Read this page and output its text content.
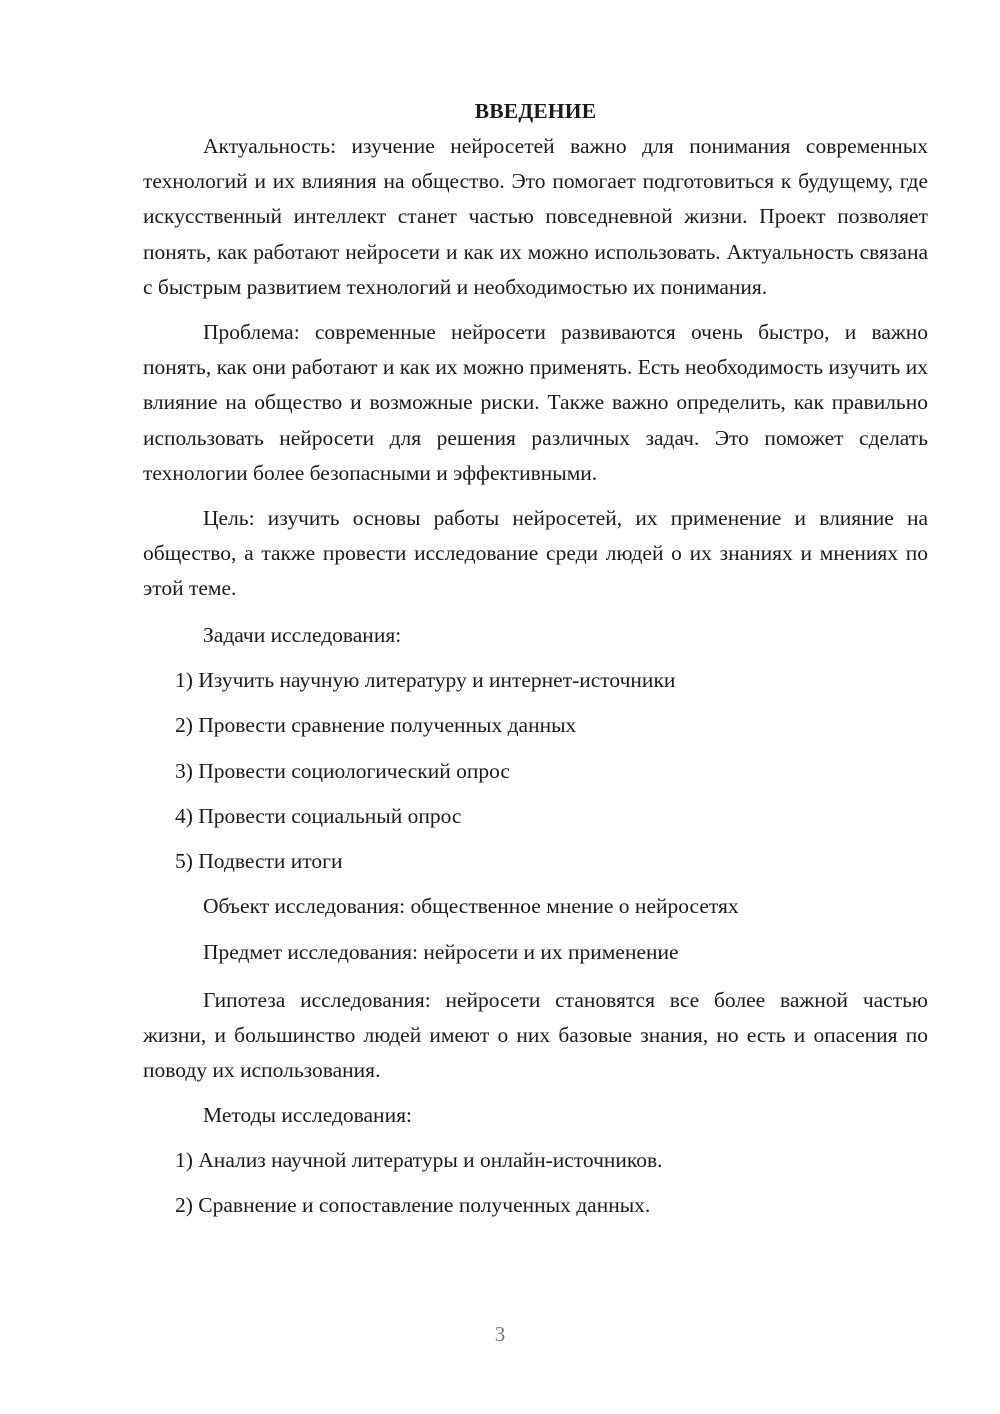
ВВЕДЕНИЕ

Актуальность: изучение нейросетей важно для понимания современных технологий и их влияния на общество. Это помогает подготовиться к будущему, где искусственный интеллект станет частью повседневной жизни. Проект позволяет понять, как работают нейросети и как их можно использовать. Актуальность связана с быстрым развитием технологий и необходимостью их понимания.

Проблема: современные нейросети развиваются очень быстро, и важно понять, как они работают и как их можно применять. Есть необходимость изучить их влияние на общество и возможные риски. Также важно определить, как правильно использовать нейросети для решения различных задач. Это поможет сделать технологии более безопасными и эффективными.

Цель: изучить основы работы нейросетей, их применение и влияние на общество, а также провести исследование среди людей о их знаниях и мнениях по этой теме.

Задачи исследования:

1) Изучить научную литературу и интернет-источники

2) Провести сравнение полученных данных

3) Провести социологический опрос

4) Провести социальный опрос

5) Подвести итоги

Объект исследования: общественное мнение о нейросетях

Предмет исследования: нейросети и их применение

Гипотеза исследования: нейросети становятся все более важной частью жизни, и большинство людей имеют о них базовые знания, но есть и опасения по поводу их использования.

Методы исследования:

1) Анализ научной литературы и онлайн-источников.

2) Сравнение и сопоставление полученных данных.

3
